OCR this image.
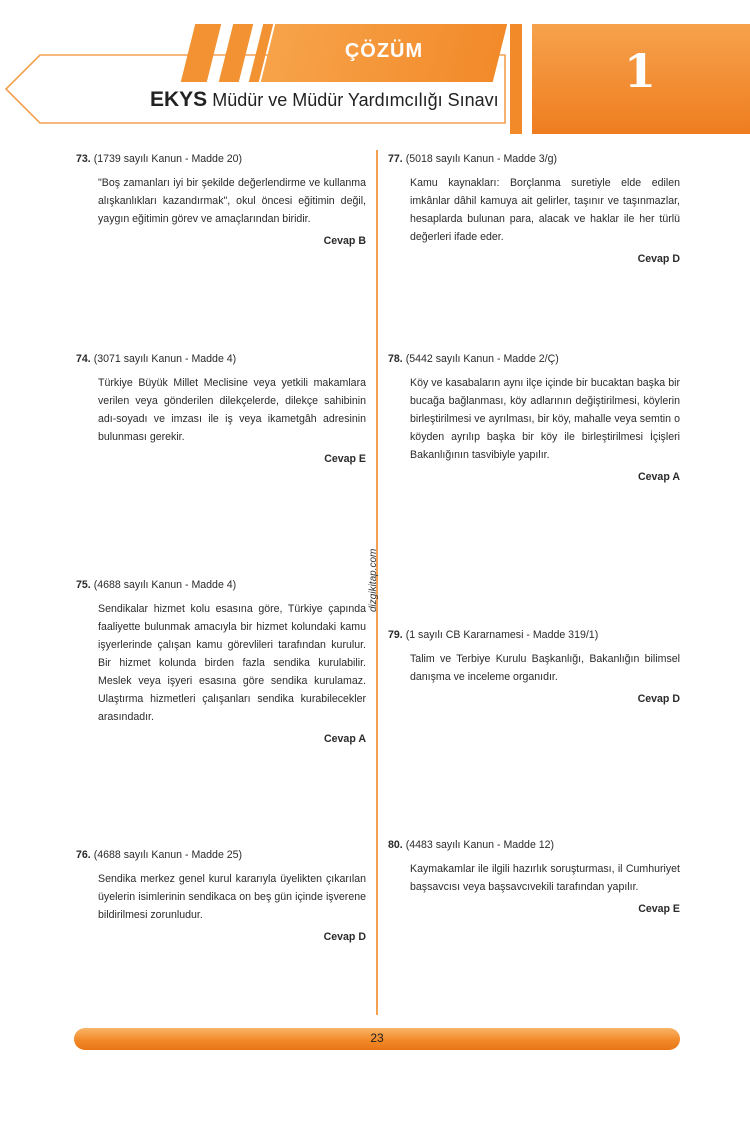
ÇÖZÜM	1
EKYS Müdür ve Müdür Yardımcılığı Sınavı
73. (1739 sayılı Kanun - Madde 20)
"Boş zamanları iyi bir şekilde değerlendirme ve kullanma alışkanlıkları kazandırmak", okul öncesi eğitimin değil, yaygın eğitimin görev ve amaçlarından biridir.
Cevap B
74. (3071 sayılı Kanun - Madde 4)
Türkiye Büyük Millet Meclisine veya yetkili makamlara verilen veya gönderilen dilekçelerde, dilekçe sahibinin adı-soyadı ve imzası ile iş veya ikametgâh adresinin bulunması gerekir.
Cevap E
75. (4688 sayılı Kanun - Madde 4)
Sendikalar hizmet kolu esasına göre, Türkiye çapında faaliyette bulunmak amacıyla bir hizmet kolundaki kamu işyerlerinde çalışan kamu görevlileri tarafından kurulur. Bir hizmet kolunda birden fazla sendika kurulabilir. Meslek veya işyeri esasına göre sendika kurulamaz. Ulaştırma hizmetleri çalışanları sendika kurabilecekler arasındadır.
Cevap A
76. (4688 sayılı Kanun - Madde 25)
Sendika merkez genel kurul kararıyla üyelikten çıkarılan üyelerin isimlerinin sendikaca on beş gün içinde işverene bildirilmesi zorunludur.
Cevap D
dizgikitap.com
77. (5018 sayılı Kanun - Madde 3/g)
Kamu kaynakları: Borçlanma suretiyle elde edilen imkânlar dâhil kamuya ait gelirler, taşınır ve taşınmazlar, hesaplarda bulunan para, alacak ve haklar ile her türlü değerleri ifade eder.
Cevap D
78. (5442 sayılı Kanun - Madde 2/Ç)
Köy ve kasabaların aynı ilçe içinde bir bucaktan başka bir bucağa bağlanması, köy adlarının değiştirilmesi, köylerin birleştirilmesi ve ayrılması, bir köy, mahalle veya semtin o köyden ayrılıp başka bir köy ile birleştirilmesi İçişleri Bakanlığının tasvibiyle yapılır.
Cevap A
79. (1 sayılı CB Kararnamesi - Madde 319/1)
Talim ve Terbiye Kurulu Başkanlığı, Bakanlığın bilimsel danışma ve inceleme organıdır.
Cevap D
80. (4483 sayılı Kanun - Madde 12)
Kaymakamlar ile ilgili hazırlık soruşturması, il Cumhuriyet başsavcısı veya başsavcıvekili tarafından yapılır.
Cevap E
23
